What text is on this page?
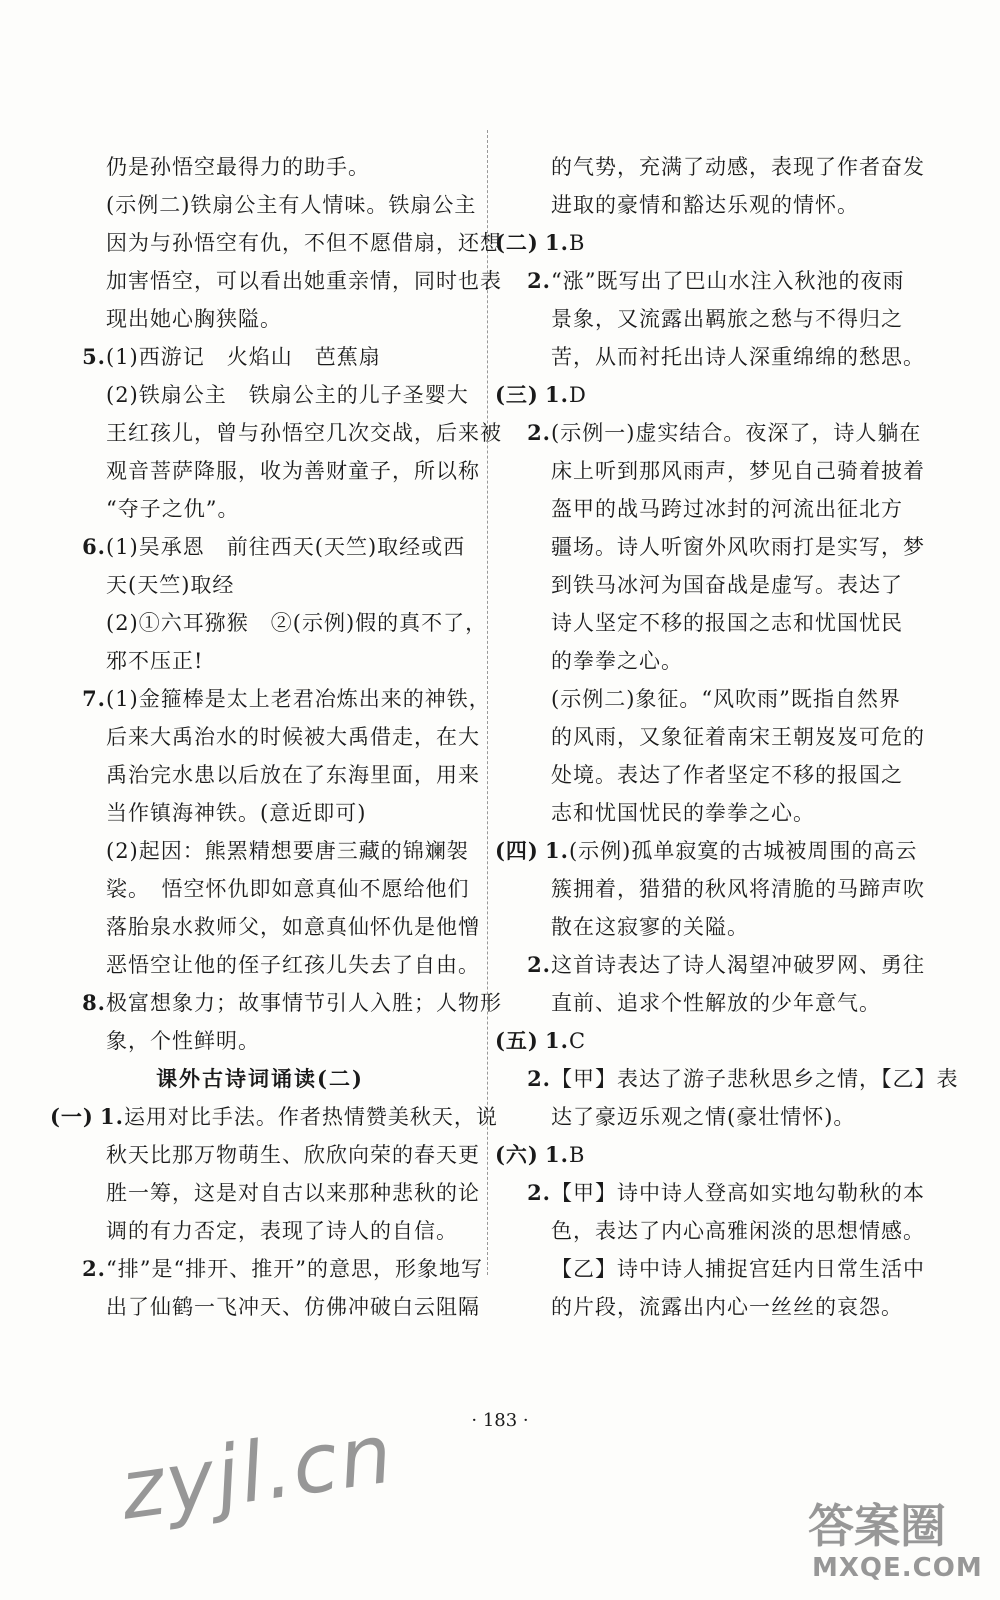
仍是孙悟空最得力的助手。
(示例二)铁扇公主有人情味。铁扇公主
因为与孙悟空有仇，不但不愿借扇，还想
加害悟空，可以看出她重亲情，同时也表
现出她心胸狭隘。
5.(1)西游记　火焰山　芭蕉扇
(2)铁扇公主　铁扇公主的儿子圣婴大
王红孩儿，曾与孙悟空几次交战，后来被
观音菩萨降服，收为善财童子，所以称
“夺子之仇”。
6.(1)吴承恩　前往西天(天竺)取经或西
天(天竺)取经
(2)①六耳猕猴　②(示例)假的真不了，
邪不压正!
7.(1)金箍棒是太上老君冶炼出来的神铁，
后来大禹治水的时候被大禹借走，在大
禹治完水患以后放在了东海里面，用来
当作镇海神铁。(意近即可)
(2)起因：熊罴精想要唐三藏的锦斓袈
裟。　悟空怀仇即如意真仙不愿给他们
落胎泉水救师父，如意真仙怀仇是他憎
恶悟空让他的侄子红孩儿失去了自由。
8.极富想象力；故事情节引人入胜；人物形
象，个性鲜明。
课外古诗词诵读(二)
(一) 1.运用对比手法。作者热情赞美秋天，说
秋天比那万物萌生、欣欣向荣的春天更
胜一筹，这是对自古以来那种悲秋的论
调的有力否定，表现了诗人的自信。
2.“排”是“排开、推开”的意思，形象地写
出了仙鹤一飞冲天、仿佛冲破白云阻隔
的气势，充满了动感，表现了作者奋发
进取的豪情和豁达乐观的情怀。
(二) 1.B
2.“涨”既写出了巴山水注入秋池的夜雨
景象，又流露出羁旅之愁与不得归之
苦，从而衬托出诗人深重绵绵的愁思。
(三) 1.D
2.(示例一)虚实结合。夜深了，诗人躺在
床上听到那风雨声，梦见自己骑着披着
盔甲的战马跨过冰封的河流出征北方
疆场。诗人听窗外风吹雨打是实写，梦
到铁马冰河为国奋战是虚写。表达了
诗人坚定不移的报国之志和忧国忧民
的拳拳之心。
(示例二)象征。“风吹雨”既指自然界
的风雨，又象征着南宋王朝岌岌可危的
处境。表达了作者坚定不移的报国之
志和忧国忧民的拳拳之心。
(四) 1.(示例)孤单寂寞的古城被周围的高云
簇拥着，猎猎的秋风将清脆的马蹄声吹
散在这寂寥的关隘。
2.这首诗表达了诗人渴望冲破罗网、勇往
直前、追求个性解放的少年意气。
(五) 1.C
2.【甲】表达了游子悲秋思乡之情，【乙】表
达了豪迈乐观之情(豪壮情怀)。
(六) 1.B
2.【甲】诗中诗人登高如实地勾勒秋的本
色，表达了内心高雅闲淡的思想情感。
【乙】诗中诗人捕捉宫廷内日常生活中
的片段，流露出内心一丝丝的哀怨。
· 183 ·
zyjl.cn	答案圈
MXQE.COM
